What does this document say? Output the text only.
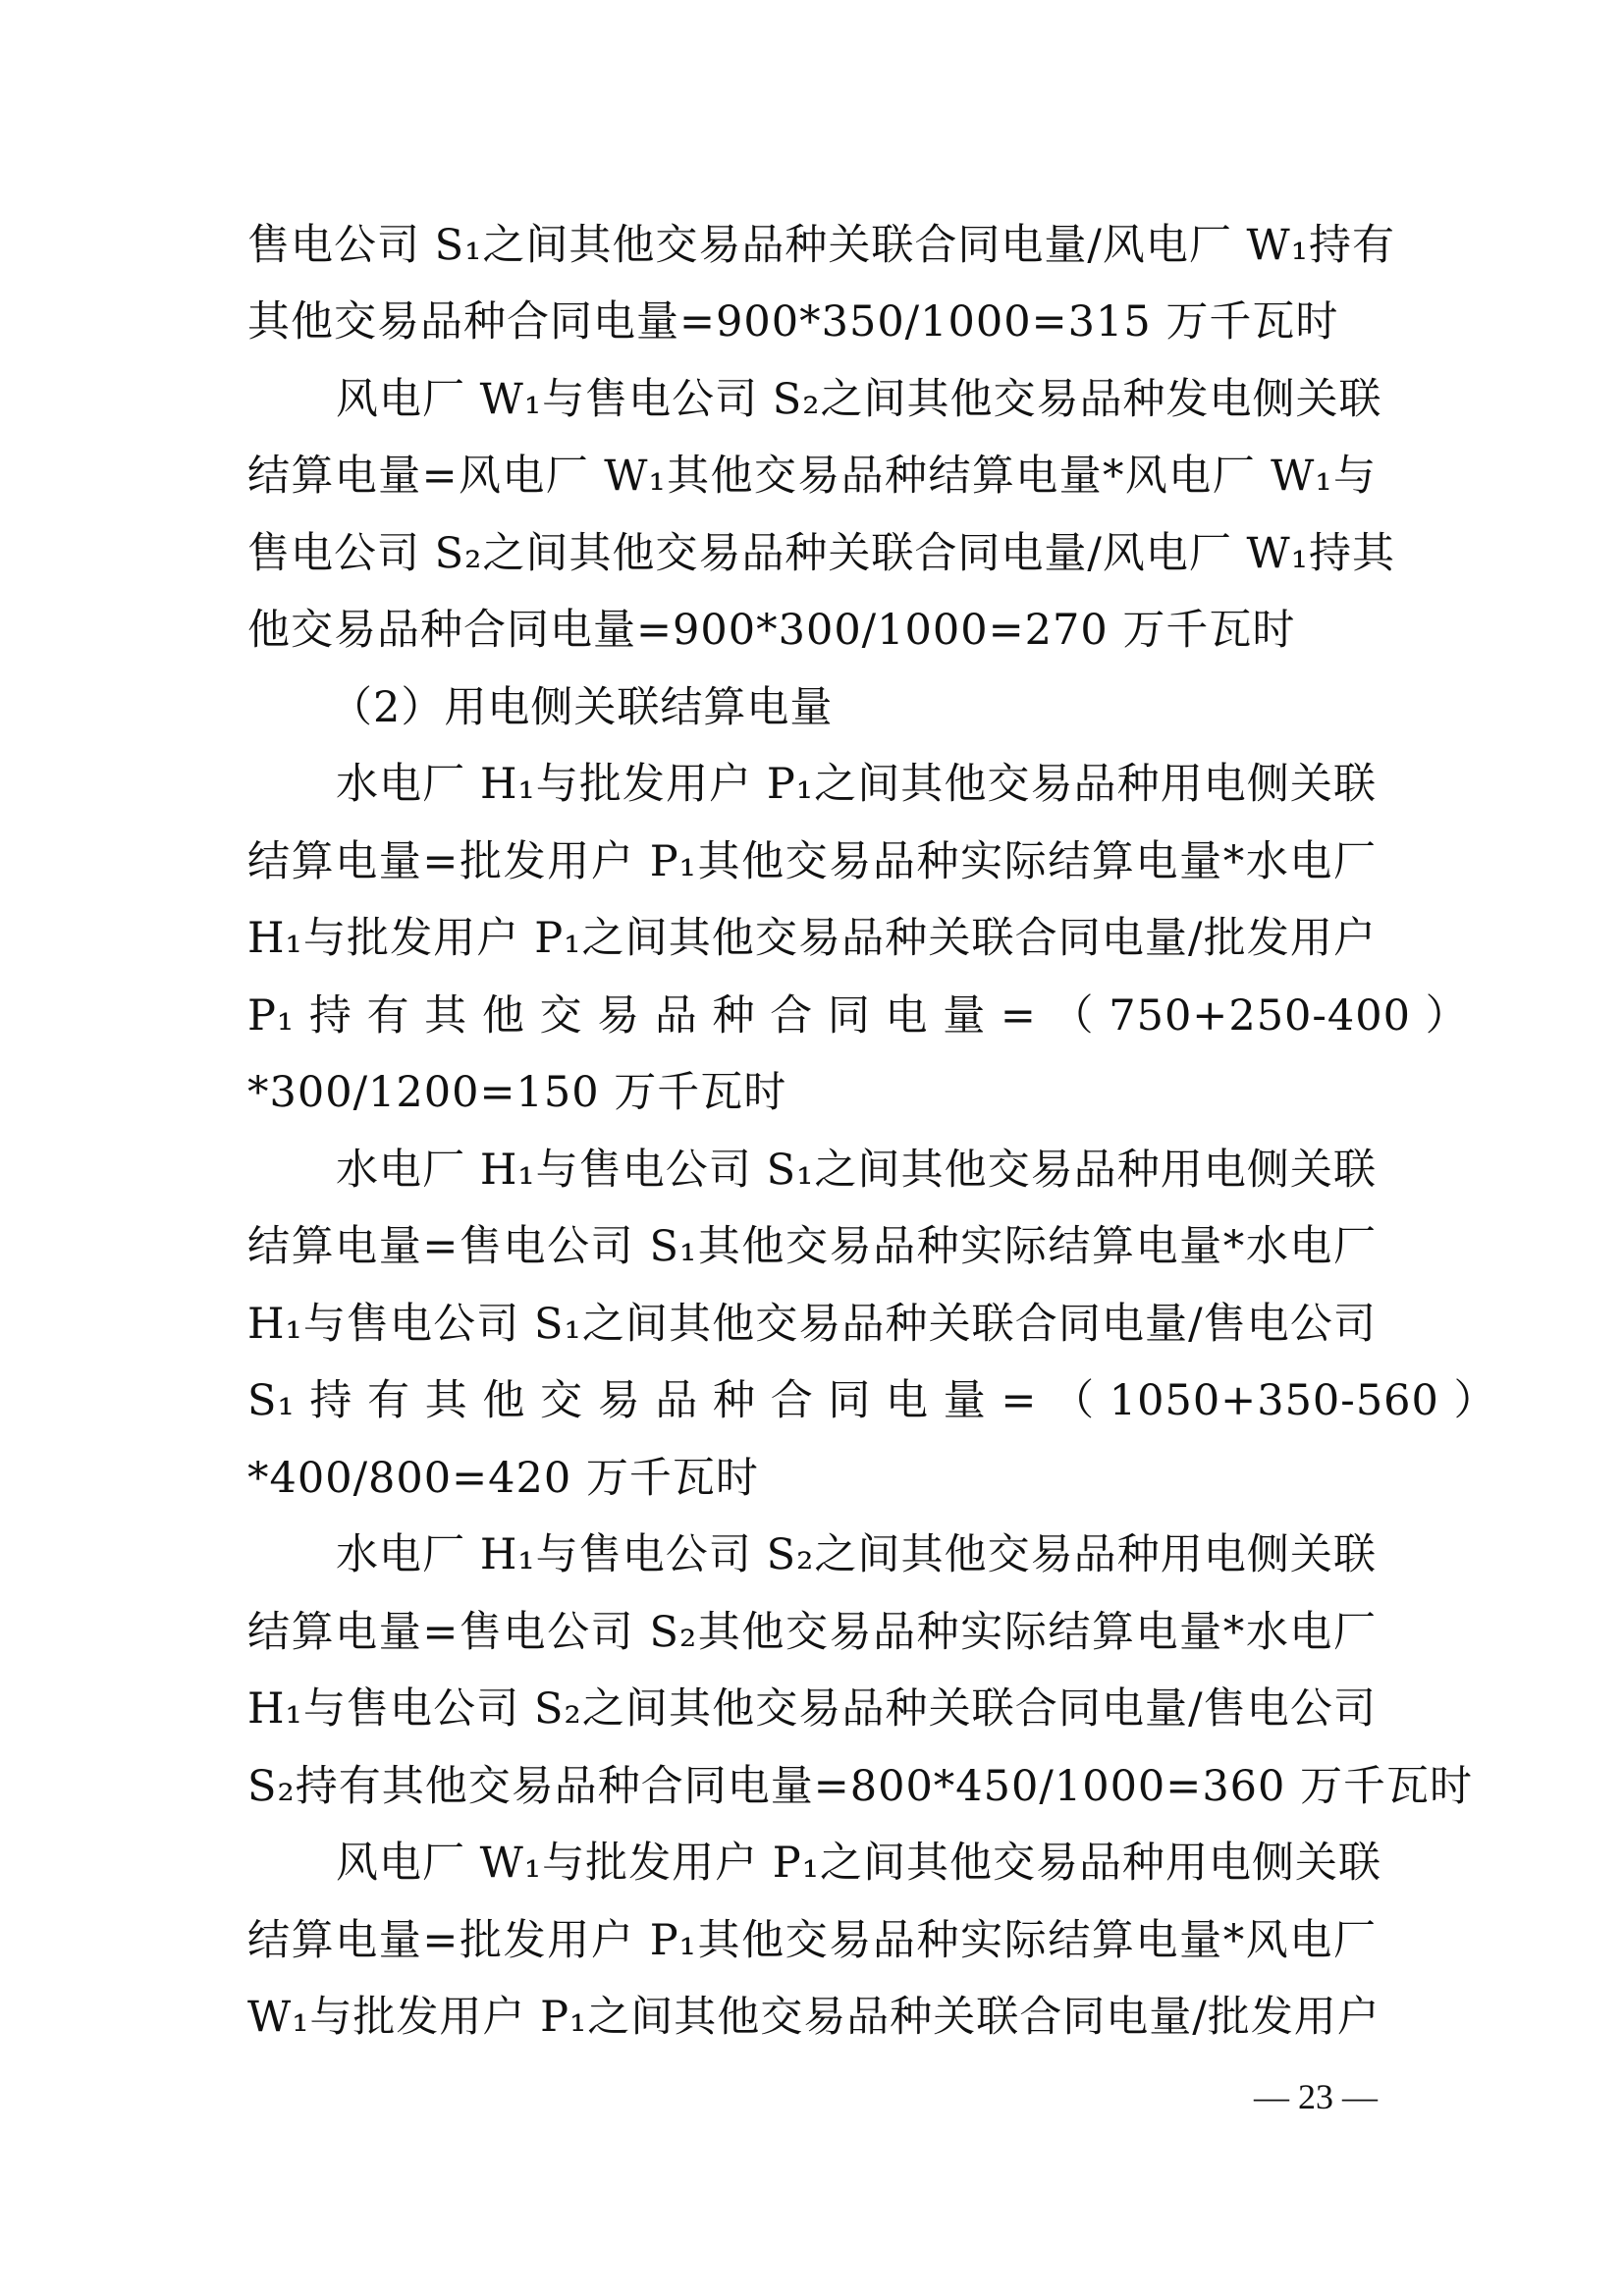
售电公司 S₁之间其他交易品种关联合同电量/风电厂 W₁持有
其他交易品种合同电量=900*350/1000=315 万千瓦时
风电厂 W₁与售电公司 S₂之间其他交易品种发电侧关联
结算电量=风电厂 W₁其他交易品种结算电量*风电厂 W₁与
售电公司 S₂之间其他交易品种关联合同电量/风电厂 W₁持其
他交易品种合同电量=900*300/1000=270 万千瓦时
（2）用电侧关联结算电量
水电厂 H₁与批发用户 P₁之间其他交易品种用电侧关联
结算电量=批发用户 P₁其他交易品种实际结算电量*水电厂
H₁与批发用户 P₁之间其他交易品种关联合同电量/批发用户
P₁ 持 有 其 他 交 易 品 种 合 同 电 量 = （ 750+250-400 ）
*300/1200=150 万千瓦时
水电厂 H₁与售电公司 S₁之间其他交易品种用电侧关联
结算电量=售电公司 S₁其他交易品种实际结算电量*水电厂
H₁与售电公司 S₁之间其他交易品种关联合同电量/售电公司
S₁ 持 有 其 他 交 易 品 种 合 同 电 量 = （ 1050+350-560 ）
*400/800=420 万千瓦时
水电厂 H₁与售电公司 S₂之间其他交易品种用电侧关联
结算电量=售电公司 S₂其他交易品种实际结算电量*水电厂
H₁与售电公司 S₂之间其他交易品种关联合同电量/售电公司
S₂持有其他交易品种合同电量=800*450/1000=360 万千瓦时
风电厂 W₁与批发用户 P₁之间其他交易品种用电侧关联
结算电量=批发用户 P₁其他交易品种实际结算电量*风电厂
W₁与批发用户 P₁之间其他交易品种关联合同电量/批发用户
— 23 —
